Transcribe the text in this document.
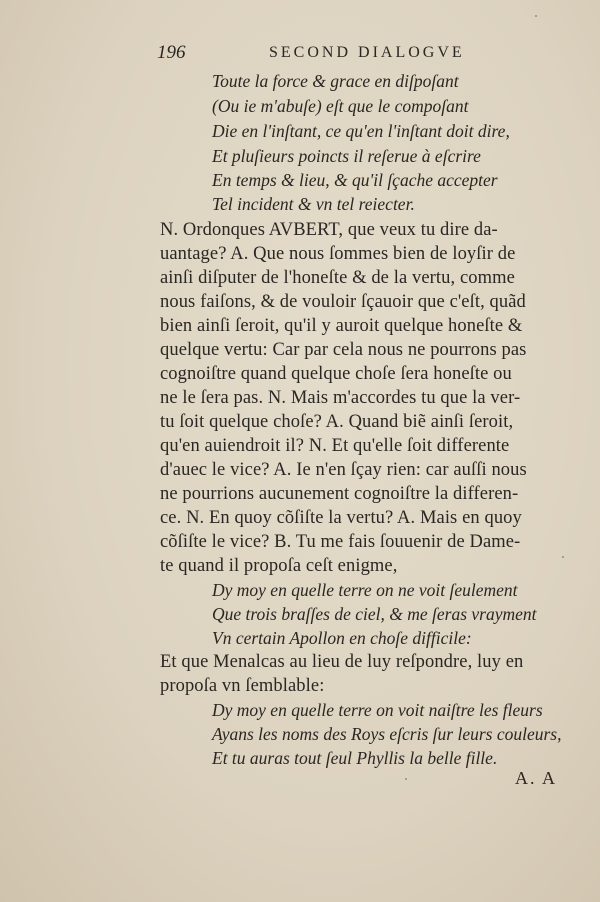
196	SECOND DIALOGVE
Toute la force & grace en diſpoſant
(Ou ie m'abuſe) eſt que le compoſant
Die en l'inſtant, ce qu'en l'inſtant doit dire,
Et pluſieurs poincts il reſerue à eſcrire
En temps & lieu, & qu'il ſçache accepter
Tel incident & vn tel reiecter.
N. Ordonques AVBERT, que veux tu dire da-
uantage? A. Que nous ſommes bien de loyſir de
ainſi diſputer de l'honeſte & de la vertu, comme
nous faiſons, & de vouloir ſçauoir que c'eſt, quãd
bien ainſi ſeroit, qu'il y auroit quelque honeſte &
quelque vertu: Car par cela nous ne pourrons pas
cognoiſtre quand quelque choſe ſera honeſte ou
ne le ſera pas. N. Mais m'accordes tu que la ver-
tu ſoit quelque choſe? A. Quand biẽ ainſi ſeroit,
qu'en auiendroit il? N. Et qu'elle ſoit differente
d'auec le vice? A. Ie n'en ſçay rien: car auſſi nous
ne pourrions aucunement cognoiſtre la differen-
ce. N. En quoy cõſiſte la vertu? A. Mais en quoy
cõſiſte le vice? B. Tu me fais ſouuenir de Dame-
te quand il propoſa ceſt enigme,
Dy moy en quelle terre on ne voit ſeulement
Que trois braſſes de ciel, & me ſeras vrayment
Vn certain Apollon en choſe difficile:
Et que Menalcas au lieu de luy reſpondre, luy en
propoſa vn ſemblable:
Dy moy en quelle terre on voit naiſtre les fleurs
Ayans les noms des Roys eſcris ſur leurs couleurs,
Et tu auras tout ſeul Phyllis la belle fille.
A. A
